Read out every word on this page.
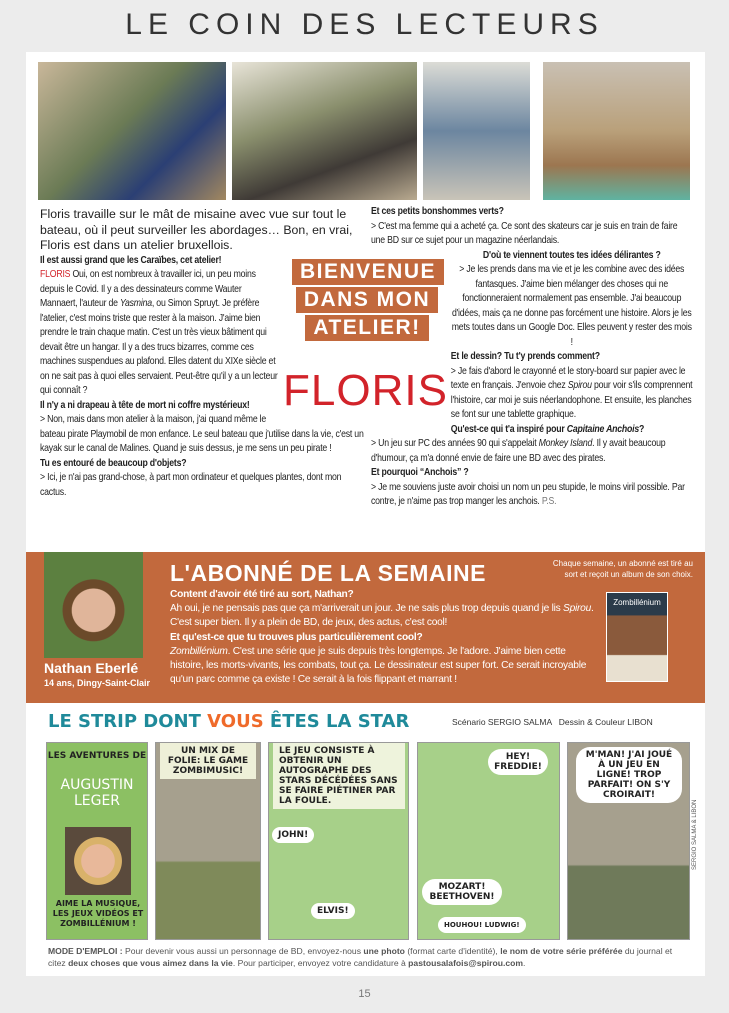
LE COIN DES LECTEURS
Floris travaille sur le mât de misaine avec vue sur tout le bateau, où il peut surveiller les abordages… Bon, en vrai, Floris est dans un atelier bruxellois.

Il est aussi grand que les Caraïbes, cet atelier!

FLORIS Oui, on est nombreux à travailler ici, un peu moins depuis le Covid. Il y a des dessinateurs comme Wauter Mannaert, l'auteur de Yasmina, ou Simon Spruyt. Je préfère l'atelier, c'est moins triste que rester à la maison. J'aime bien prendre le train chaque matin. C'est un très vieux bâtiment qui devait être un hangar. Il y a des trucs bizarres, comme ces machines suspendues au plafond. Elles datent du XIXe siècle et on ne sait pas à quoi elles servaient. Peut-être qu'il y a un lecteur qui connaît ?

Il n'y a ni drapeau à tête de mort ni coffre mystérieux!

> Non, mais dans mon atelier à la maison, j'ai quand même le bateau pirate Playmobil de mon enfance. Le seul bateau que j'utilise dans la vie, c'est un kayak sur le canal de Malines. Quand je suis dessus, je me sens un peu pirate !

Tu es entouré de beaucoup d'objets?

> Ici, je n'ai pas grand-chose, à part mon ordinateur et quelques plantes, dont mon cactus.

BIENVENUE
DANS MON
ATELIER!
FLORIS

Et ces petits bonshommes verts?

> C'est ma femme qui a acheté ça. Ce sont des skateurs car je suis en train de faire une BD sur ce sujet pour un magazine néerlandais.

D'où te viennent toutes tes idées délirantes ?

> Je les prends dans ma vie et je les combine avec des idées fantasques. J'aime bien mélanger des choses qui ne fonctionneraient normalement pas ensemble. J'ai beaucoup d'idées, mais ça ne donne pas forcément une histoire. Alors je les mets toutes dans un Google Doc. Elles peuvent y rester des mois !

Et le dessin? Tu t'y prends comment?

> Je fais d'abord le crayonné et le story-board sur papier avec le texte en français. J'envoie chez Spirou pour voir s'ils comprennent l'histoire, car moi je suis néerlandophone. Et ensuite, les planches se font sur une tablette graphique.

Qu'est-ce qui t'a inspiré pour Capitaine Anchois?

> Un jeu sur PC des années 90 qui s'appelait Monkey Island. Il y avait beaucoup d'humour, ça m'a donné envie de faire une BD avec des pirates.

Et pourquoi “Anchois” ?

> Je me souviens juste avoir choisi un nom un peu stupide, le moins viril possible. Par contre, je n'aime pas trop manger les anchois. P.S.

Nathan Eberlé
14 ans, Dingy-Saint-Clair
L'ABONNÉ DE LA SEMAINE	Chaque semaine, un abonné est tiré au sort et reçoit un album de son choix.
Zombillénium

Content d'avoir été tiré au sort, Nathan?

Ah oui, je ne pensais pas que ça m'arriverait un jour. Je ne sais plus trop depuis quand je lis Spirou. C'est super bien. Il y a plein de BD, de jeux, des actus, c'est cool!

Et qu'est-ce que tu trouves plus particulièrement cool?

Zombillénium. C'est une série que je suis depuis très longtemps. Je l'adore. J'aime bien cette histoire, les morts-vivants, les combats, tout ça. Le dessinateur est super fort. Ce serait incroyable qu'un parc comme ça existe ! Ce serait à la fois flippant et marrant !

LE STRIP DONT VOUS ÊTES LA STAR	Scénario SERGIO SALMA   Dessin & Couleur LIBON
LES AVENTURES DE
AUGUSTIN
LEGER
AIME LA MUSIQUE, LES JEUX VIDÉOS ET ZOMBILLÉNIUM !
UN MIX DE FOLIE: LE GAME ZOMBIMUSIC!
LE JEU CONSISTE À OBTENIR UN AUTOGRAPHE DES STARS DÉCÉDÉES SANS SE FAIRE PIÉTINER PAR LA FOULE.
JOHN!
ELVIS!
HEY! FREDDIE!
MOZART! BEETHOVEN!
HOUHOU! LUDWIG!
M'MAN! J'AI JOUÉ À UN JEU EN LIGNE! TROP PARFAIT! ON S'Y CROIRAIT!
SERGIO SALMA & LIBON
MODE D'EMPLOI : Pour devenir vous aussi un personnage de BD, envoyez-nous une photo (format carte d'identité), le nom de votre série préférée du journal et citez deux choses que vous aimez dans la vie. Pour participer, envoyez votre candidature à pastousalafois@spirou.com.
15
